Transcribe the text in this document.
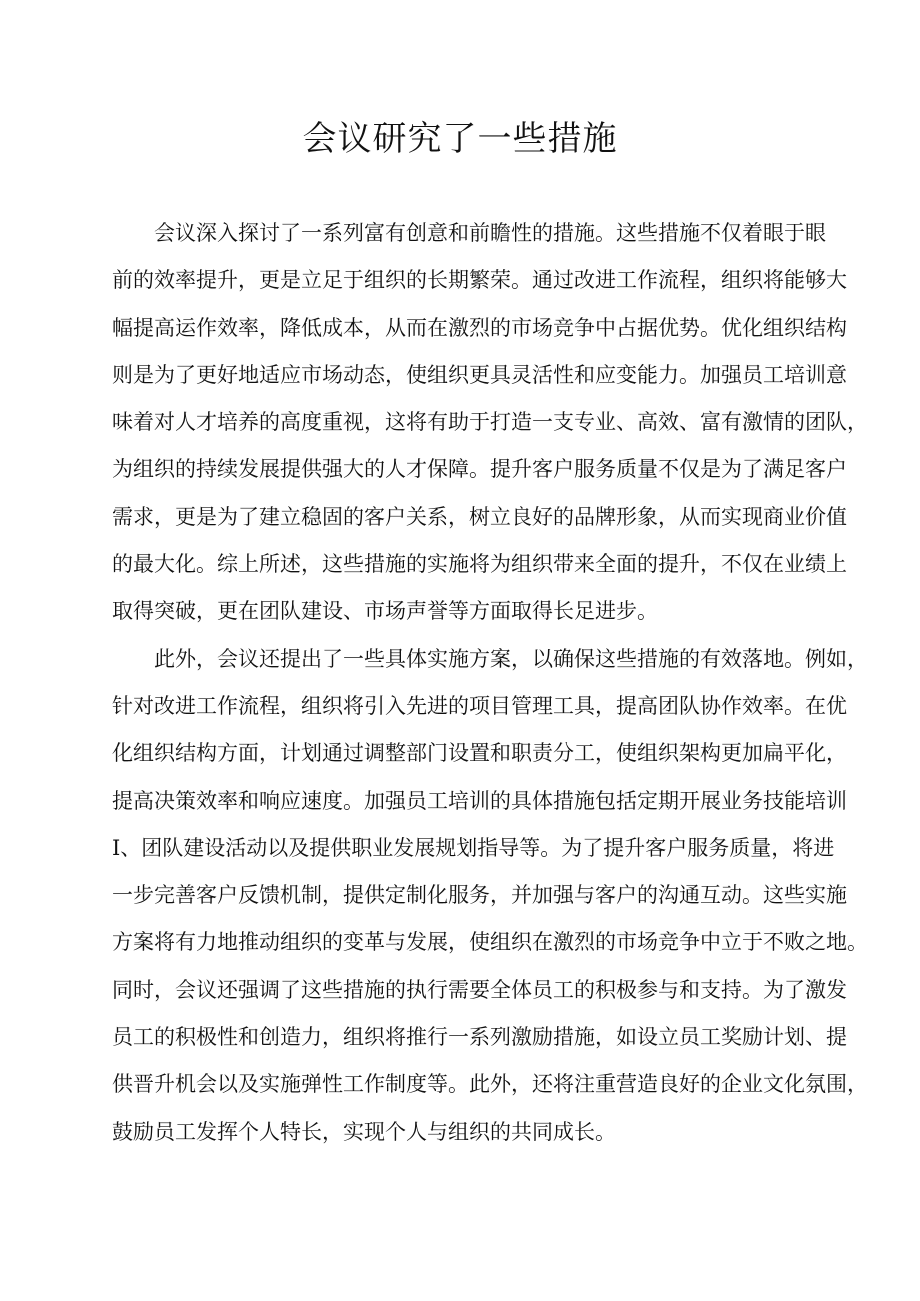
会议研究了一些措施
会议深入探讨了一系列富有创意和前瞻性的措施。这些措施不仅着眼于眼
前的效率提升，更是立足于组织的长期繁荣。通过改进工作流程，组织将能够大
幅提高运作效率，降低成本，从而在激烈的市场竞争中占据优势。优化组织结构
则是为了更好地适应市场动态，使组织更具灵活性和应变能力。加强员工培训意
味着对人才培养的高度重视，这将有助于打造一支专业、高效、富有激情的团队，
为组织的持续发展提供强大的人才保障。提升客户服务质量不仅是为了满足客户
需求，更是为了建立稳固的客户关系，树立良好的品牌形象，从而实现商业价值
的最大化。综上所述，这些措施的实施将为组织带来全面的提升，不仅在业绩上
取得突破，更在团队建设、市场声誉等方面取得长足进步。
此外，会议还提出了一些具体实施方案，以确保这些措施的有效落地。例如，
针对改进工作流程，组织将引入先进的项目管理工具，提高团队协作效率。在优
化组织结构方面，计划通过调整部门设置和职责分工，使组织架构更加扁平化，
提高决策效率和响应速度。加强员工培训的具体措施包括定期开展业务技能培训
I、团队建设活动以及提供职业发展规划指导等。为了提升客户服务质量，将进
一步完善客户反馈机制，提供定制化服务，并加强与客户的沟通互动。这些实施
方案将有力地推动组织的变革与发展，使组织在激烈的市场竞争中立于不败之地。
同时，会议还强调了这些措施的执行需要全体员工的积极参与和支持。为了激发
员工的积极性和创造力，组织将推行一系列激励措施，如设立员工奖励计划、提
供晋升机会以及实施弹性工作制度等。此外，还将注重营造良好的企业文化氛围，
鼓励员工发挥个人特长，实现个人与组织的共同成长。
